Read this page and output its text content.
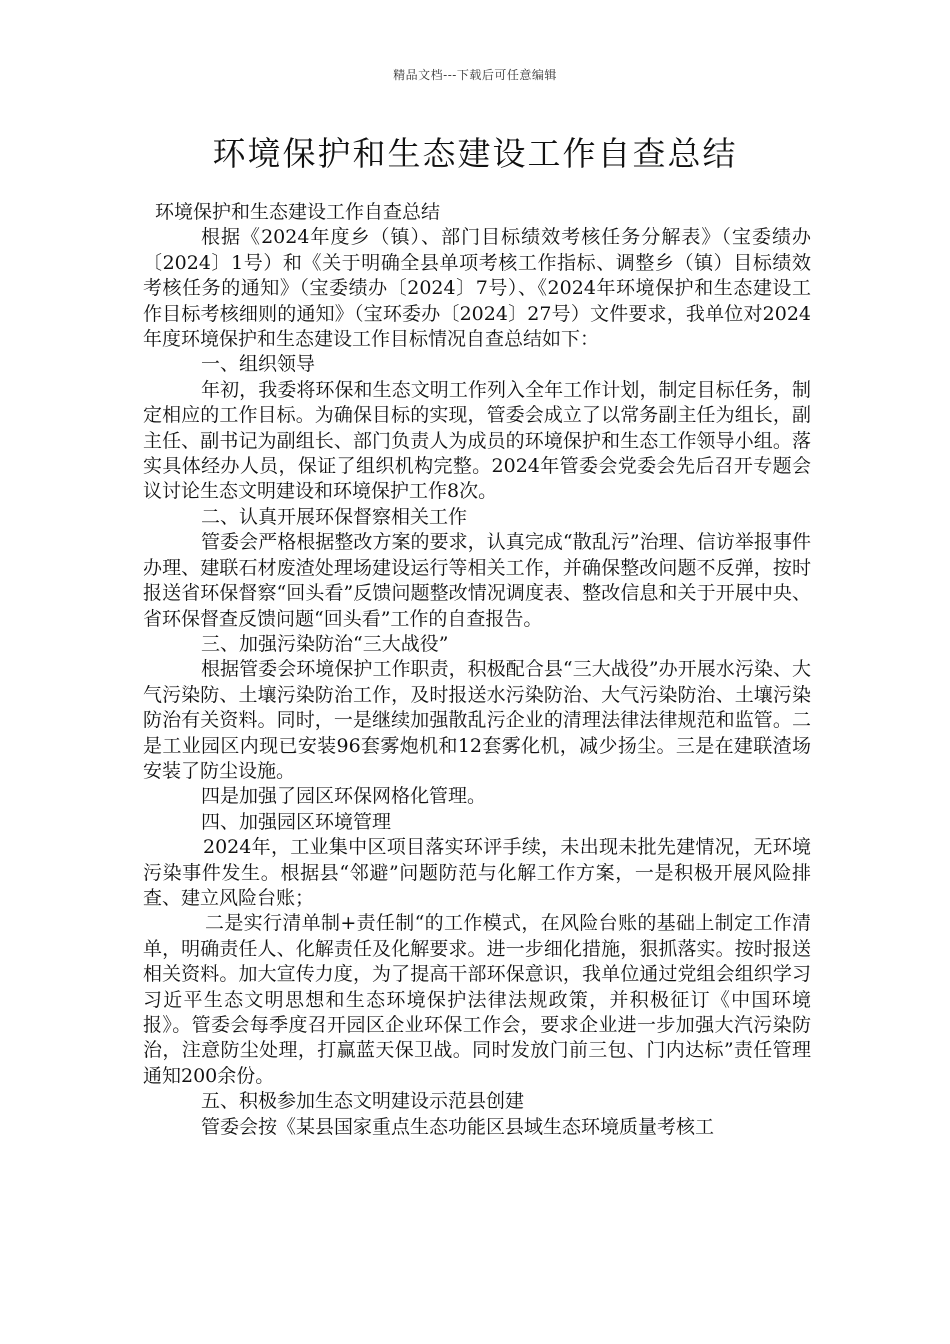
精品文档---下载后可任意编辑
环境保护和生态建设工作自查总结

环境保护和生态建设工作自查总结

根据《2024年度乡（镇）、部门目标绩效考核任务分解表》（宝委绩办〔2024〕1号）和《关于明确全县单项考核工作指标、调整乡（镇）目标绩效考核任务的通知》（宝委绩办〔2024〕7号）、《2024年环境保护和生态建设工作目标考核细则的通知》（宝环委办〔2024〕27号）文件要求，我单位对2024年度环境保护和生态建设工作目标情况自查总结如下：

一、组织领导

年初，我委将环保和生态文明工作列入全年工作计划，制定目标任务，制定相应的工作目标。为确保目标的实现，管委会成立了以常务副主任为组长，副主任、副书记为副组长、部门负责人为成员的环境保护和生态工作领导小组。落实具体经办人员，保证了组织机构完整。2024年管委会党委会先后召开专题会议讨论生态文明建设和环境保护工作8次。

二、认真开展环保督察相关工作

管委会严格根据整改方案的要求，认真完成“散乱污”治理、信访举报事件办理、建联石材废渣处理场建设运行等相关工作，并确保整改问题不反弹，按时报送省环保督察“回头看”反馈问题整改情况调度表、整改信息和关于开展中央、省环保督查反馈问题“回头看”工作的自查报告。

三、加强污染防治“三大战役”

根据管委会环境保护工作职责，积极配合县“三大战役”办开展水污染、大气污染防、土壤污染防治工作，及时报送水污染防治、大气污染防治、土壤污染防治有关资料。同时，一是继续加强散乱污企业的清理法律法律规范和监管。二是工业园区内现已安装96套雾炮机和12套雾化机，减少扬尘。三是在建联渣场安装了防尘设施。

四是加强了园区环保网格化管理。

四、加强园区环境管理

2024年，工业集中区项目落实环评手续，未出现未批先建情况，无环境污染事件发生。根据县“邻避”问题防范与化解工作方案，一是积极开展风险排查、建立风险台账；

二是实行清单制+责任制“的工作模式，在风险台账的基础上制定工作清单，明确责任人、化解责任及化解要求。进一步细化措施，狠抓落实。按时报送相关资料。加大宣传力度，为了提高干部环保意识，我单位通过党组会组织学习习近平生态文明思想和生态环境保护法律法规政策，并积极征订《中国环境报》。管委会每季度召开园区企业环保工作会，要求企业进一步加强大汽污染防治，注意防尘处理，打赢蓝天保卫战。同时发放门前三包、门内达标”责任管理通知200余份。

五、积极参加生态文明建设示范县创建

管委会按《某县国家重点生态功能区县域生态环境质量考核工
